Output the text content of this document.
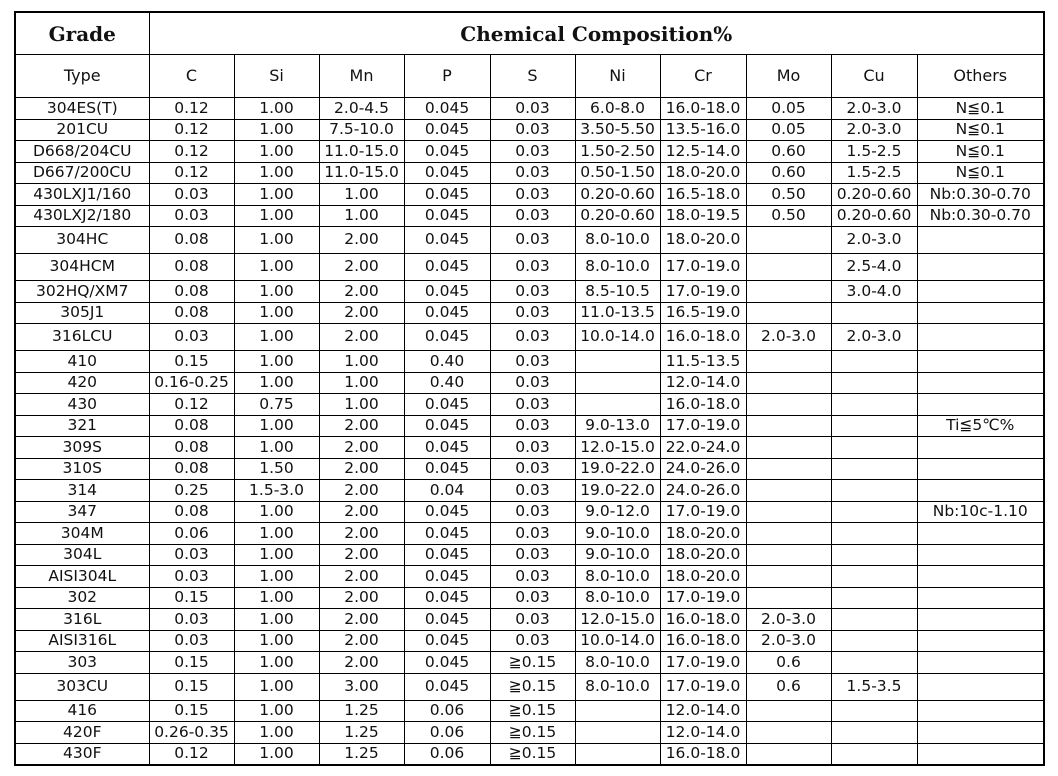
Grade	Chemical Composition%									
Type	C	Si	Mn	P	S	Ni	Cr	Mo	Cu	Others
304ES(T)	0.12	1.00	2.0-4.5	0.045	0.03	6.0-8.0	16.0-18.0	0.05	2.0-3.0	N≦0.1
201CU	0.12	1.00	7.5-10.0	0.045	0.03	3.50-5.50	13.5-16.0	0.05	2.0-3.0	N≦0.1
D668/204CU	0.12	1.00	11.0-15.0	0.045	0.03	1.50-2.50	12.5-14.0	0.60	1.5-2.5	N≦0.1
D667/200CU	0.12	1.00	11.0-15.0	0.045	0.03	0.50-1.50	18.0-20.0	0.60	1.5-2.5	N≦0.1
430LXJ1/160	0.03	1.00	1.00	0.045	0.03	0.20-0.60	16.5-18.0	0.50	0.20-0.60	Nb:0.30-0.70
430LXJ2/180	0.03	1.00	1.00	0.045	0.03	0.20-0.60	18.0-19.5	0.50	0.20-0.60	Nb:0.30-0.70
304HC	0.08	1.00	2.00	0.045	0.03	8.0-10.0	18.0-20.0		2.0-3.0	
304HCM	0.08	1.00	2.00	0.045	0.03	8.0-10.0	17.0-19.0		2.5-4.0	
302HQ/XM7	0.08	1.00	2.00	0.045	0.03	8.5-10.5	17.0-19.0		3.0-4.0	
305J1	0.08	1.00	2.00	0.045	0.03	11.0-13.5	16.5-19.0			
316LCU	0.03	1.00	2.00	0.045	0.03	10.0-14.0	16.0-18.0	2.0-3.0	2.0-3.0	
410	0.15	1.00	1.00	0.40	0.03		11.5-13.5			
420	0.16-0.25	1.00	1.00	0.40	0.03		12.0-14.0			
430	0.12	0.75	1.00	0.045	0.03		16.0-18.0			
321	0.08	1.00	2.00	0.045	0.03	9.0-13.0	17.0-19.0			Ti≦5℃%
309S	0.08	1.00	2.00	0.045	0.03	12.0-15.0	22.0-24.0			
310S	0.08	1.50	2.00	0.045	0.03	19.0-22.0	24.0-26.0			
314	0.25	1.5-3.0	2.00	0.04	0.03	19.0-22.0	24.0-26.0			
347	0.08	1.00	2.00	0.045	0.03	9.0-12.0	17.0-19.0			Nb:10c-1.10
304M	0.06	1.00	2.00	0.045	0.03	9.0-10.0	18.0-20.0			
304L	0.03	1.00	2.00	0.045	0.03	9.0-10.0	18.0-20.0			
AISI304L	0.03	1.00	2.00	0.045	0.03	8.0-10.0	18.0-20.0			
302	0.15	1.00	2.00	0.045	0.03	8.0-10.0	17.0-19.0			
316L	0.03	1.00	2.00	0.045	0.03	12.0-15.0	16.0-18.0	2.0-3.0		
AISI316L	0.03	1.00	2.00	0.045	0.03	10.0-14.0	16.0-18.0	2.0-3.0		
303	0.15	1.00	2.00	0.045	≧0.15	8.0-10.0	17.0-19.0	0.6		
303CU	0.15	1.00	3.00	0.045	≧0.15	8.0-10.0	17.0-19.0	0.6	1.5-3.5	
416	0.15	1.00	1.25	0.06	≧0.15		12.0-14.0			
420F	0.26-0.35	1.00	1.25	0.06	≧0.15		12.0-14.0			
430F	0.12	1.00	1.25	0.06	≧0.15		16.0-18.0			
